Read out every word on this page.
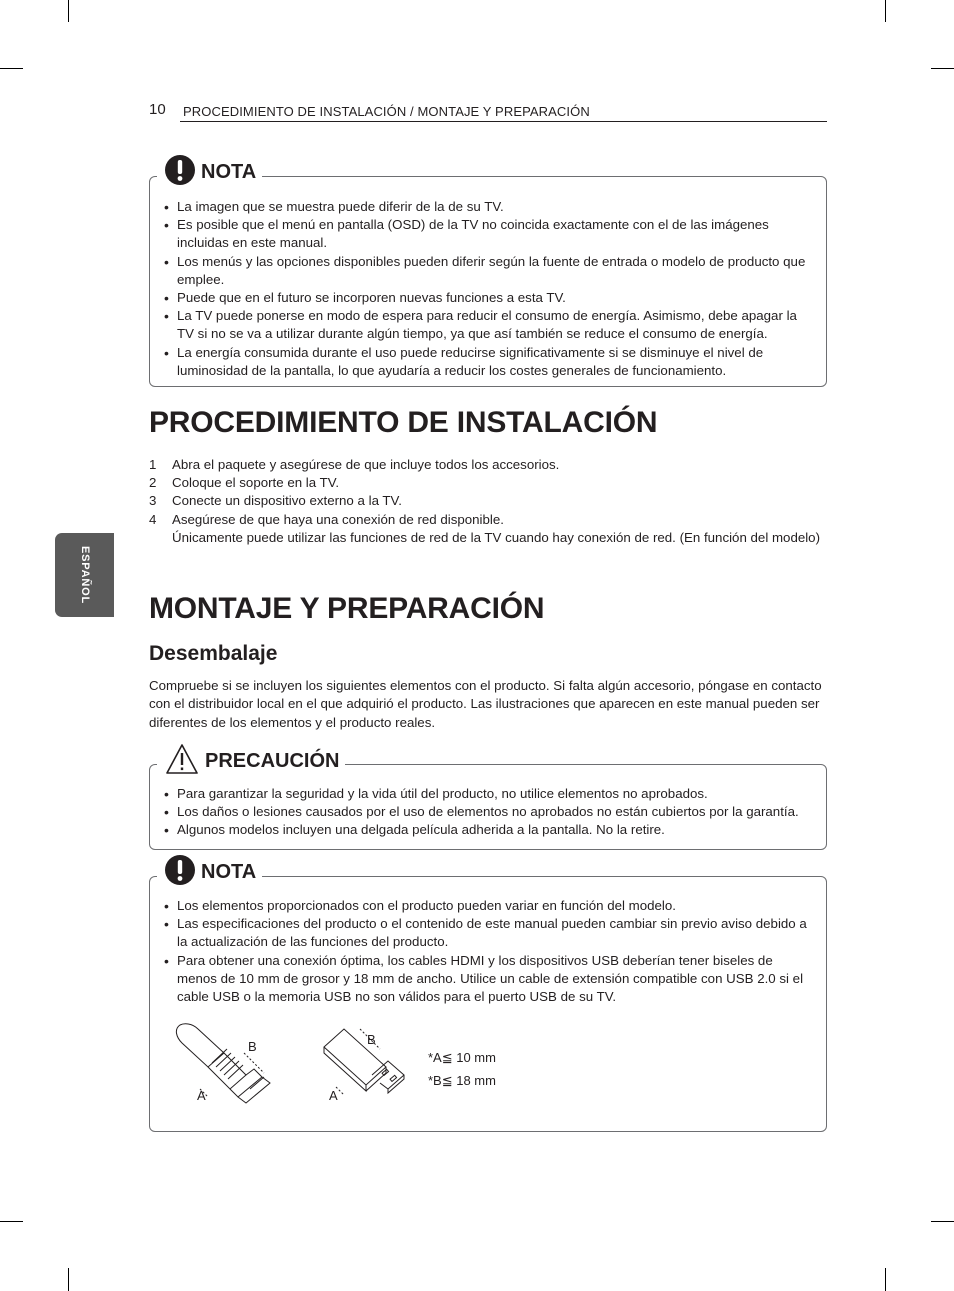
10 PROCEDIMIENTO DE INSTALACIÓN / MONTAJE Y PREPARACIÓN
ESPAÑOL
NOTA
• La imagen que se muestra puede diferir de la de su TV.
• Es posible que el menú en pantalla (OSD) de la TV no coincida exactamente con el de las imágenes incluidas en este manual.
• Los menús y las opciones disponibles pueden diferir según la fuente de entrada o modelo de producto que emplee.
• Puede que en el futuro se incorporen nuevas funciones a esta TV.
• La TV puede ponerse en modo de espera para reducir el consumo de energía. Asimismo, debe apagar la TV si no se va a utilizar durante algún tiempo, ya que así también se reduce el consumo de energía.
• La energía consumida durante el uso puede reducirse significativamente si se disminuye el nivel de luminosidad de la pantalla, lo que ayudaría a reducir los costes generales de funcionamiento.
PROCEDIMIENTO DE INSTALACIÓN
1 Abra el paquete y asegúrese de que incluye todos los accesorios.
2 Coloque el soporte en la TV.
3 Conecte un dispositivo externo a la TV.
4 Asegúrese de que haya una conexión de red disponible.
Únicamente puede utilizar las funciones de red de la TV cuando hay conexión de red. (En función del modelo)
MONTAJE Y PREPARACIÓN
Desembalaje

Compruebe si se incluyen los siguientes elementos con el producto. Si falta algún accesorio, póngase en contacto con el distribuidor local en el que adquirió el producto. Las ilustraciones que aparecen en este manual pueden ser diferentes de los elementos y el producto reales.

PRECAUCIÓN
• Para garantizar la seguridad y la vida útil del producto, no utilice elementos no aprobados.
• Los daños o lesiones causados por el uso de elementos no aprobados no están cubiertos por la garantía.
• Algunos modelos incluyen una delgada película adherida a la pantalla. No la retire.
NOTA
• Los elementos proporcionados con el producto pueden variar en función del modelo.
• Las especificaciones del producto o el contenido de este manual pueden cambiar sin previo aviso debido a la actualización de las funciones del producto.
• Para obtener una conexión óptima, los cables HDMI y los dispositivos USB deberían tener biseles de menos de 10 mm de grosor y 18 mm de ancho. Utilice un cable de extensión compatible con USB 2.0 si el cable USB o la memoria USB no son válidos para el puerto USB de su TV.
B
A
B
A
*A≦ 10 mm
*B≦ 18 mm
